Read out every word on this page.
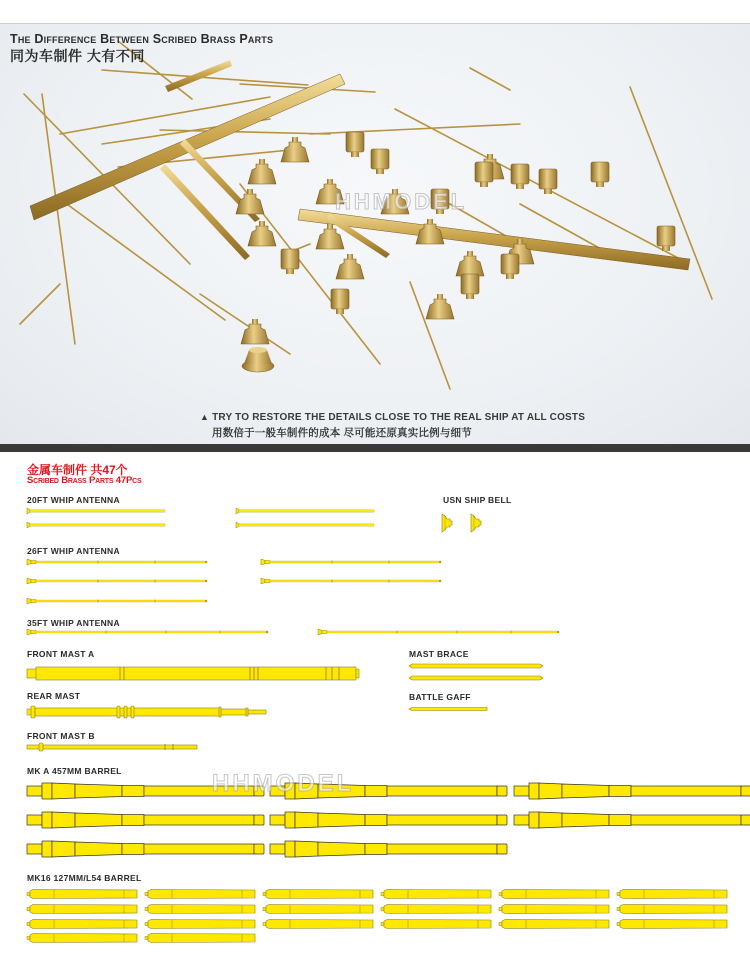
The Difference Between Scribed Brass Parts
同为车制件 大有不同
HHMODEL
▲ TRY TO RESTORE THE DETAILS CLOSE TO THE REAL SHIP AT ALL COSTS
用数倍于一般车制件的成本 尽可能还原真实比例与细节
金属车制件 共47个
Scribed Brass Parts 47Pcs
20FT WHIP ANTENNA
26FT WHIP ANTENNA
35FT WHIP ANTENNA
FRONT MAST A
REAR MAST
FRONT MAST B
USN SHIP BELL
MAST BRACE
BATTLE GAFF
MK A 457MM BARREL
MK16 127MM/L54 BARREL
HHMODEL
